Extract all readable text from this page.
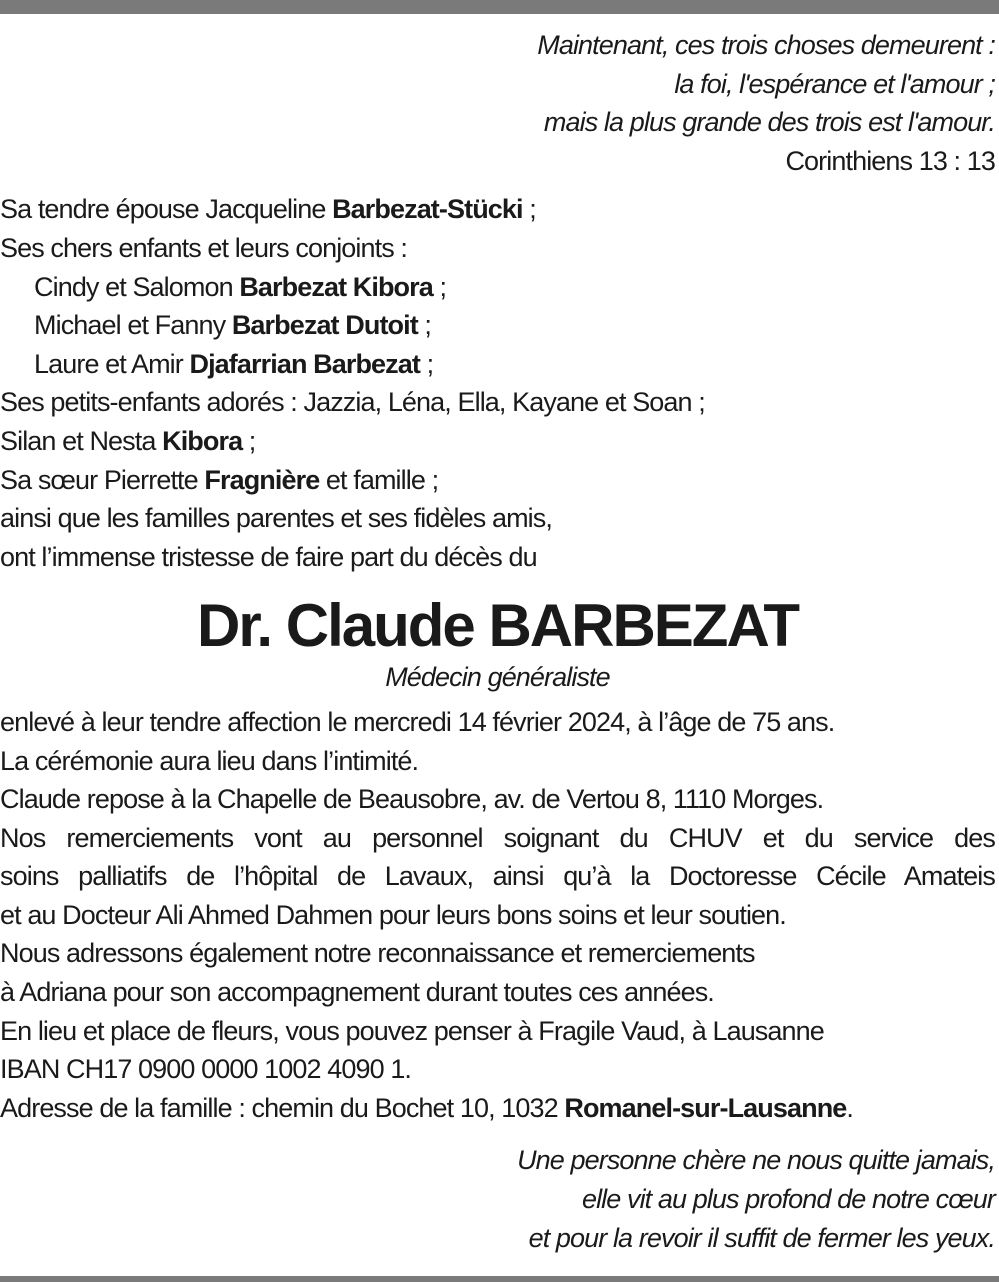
Maintenant, ces trois choses demeurent :
la foi, l'espérance et l'amour ;
mais la plus grande des trois est l'amour.
Corinthiens 13 : 13
Sa tendre épouse Jacqueline Barbezat-Stücki ;
Ses chers enfants et leurs conjoints :
Cindy et Salomon Barbezat Kibora ;
Michael et Fanny Barbezat Dutoit ;
Laure et Amir Djafarrian Barbezat ;
Ses petits-enfants adorés : Jazzia, Léna, Ella, Kayane et Soan ;
Silan et Nesta Kibora ;
Sa sœur Pierrette Fragnière et famille ;
ainsi que les familles parentes et ses fidèles amis,
ont l’immense tristesse de faire part du décès du
Dr. Claude BARBEZAT
Médecin généraliste
enlevé à leur tendre affection le mercredi 14 février 2024, à l’âge de 75 ans.
La cérémonie aura lieu dans l’intimité.
Claude repose à la Chapelle de Beausobre, av. de Vertou 8, 1110 Morges.
Nos remerciements vont au personnel soignant du CHUV et du service des
soins palliatifs de l’hôpital de Lavaux, ainsi qu’à la Doctoresse Cécile Amateis
et au Docteur Ali Ahmed Dahmen pour leurs bons soins et leur soutien.
Nous adressons également notre reconnaissance et remerciements
à Adriana pour son accompagnement durant toutes ces années.
En lieu et place de fleurs, vous pouvez penser à Fragile Vaud, à Lausanne
IBAN CH17 0900 0000 1002 4090 1.
Adresse de la famille : chemin du Bochet 10, 1032 Romanel-sur-Lausanne.
Une personne chère ne nous quitte jamais,
elle vit au plus profond de notre cœur
et pour la revoir il suffit de fermer les yeux.
